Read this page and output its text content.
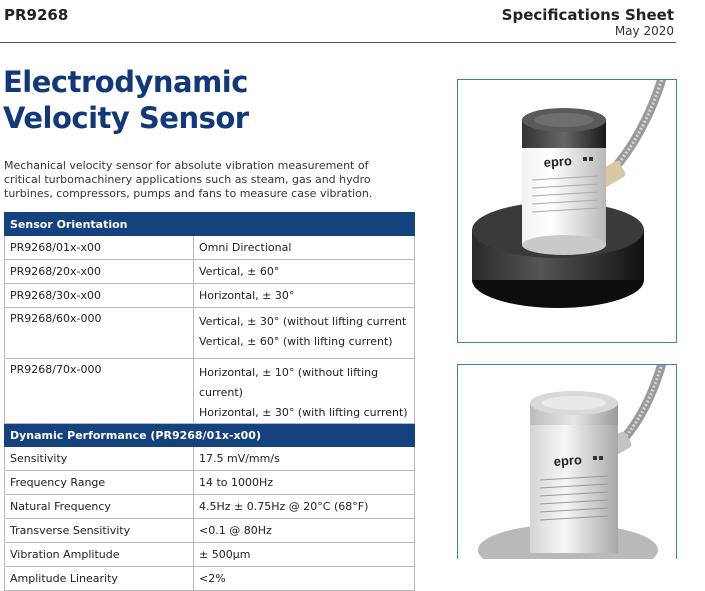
PR9268	Specifications Sheet
May 2020
Electrodynamic
Velocity Sensor
Mechanical velocity sensor for absolute vibration measurement of critical turbomachinery applications such as steam, gas and hydro turbines, compressors, pumps and fans to measure case vibration.
Sensor Orientation	
PR9268/01x-x00	Omni Directional
PR9268/20x-x00	Vertical, ± 60°
PR9268/30x-x00	Horizontal, ± 30°
PR9268/60x-000	Vertical, ± 30° (without lifting current
Vertical, ± 60° (with lifting current)

PR9268/70x-000	Horizontal, ± 10° (without lifting current)
Horizontal, ± 30° (with lifting current)

Dynamic Performance (PR9268/01x-x00)	
Sensitivity	17.5 mV/mm/s
Frequency Range	14 to 1000Hz
Natural Frequency	4.5Hz ± 0.75Hz @ 20°C (68°F)
Transverse Sensitivity	<0.1 @ 80Hz
Vibration Amplitude	± 500µm
Amplitude Linearity	<2%
epro
epro
